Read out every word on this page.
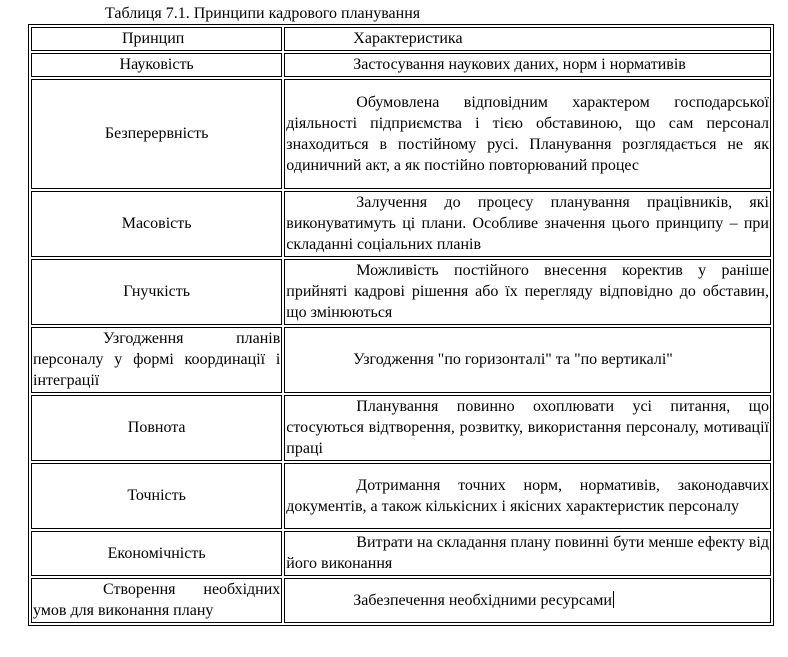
Таблиця 7.1. Принципи кадрового планування
Принцип	Характеристика
Науковість	Застосування наукових даних, норм і нормативів
Безперервність	Обумовлена відповідним характером господарської діяльності підприємства і тією обставиною, що сам персонал знаходиться в постійному русі. Планування розглядається не як одиничний акт, а як постійно повторюваний процес
Масовість	Залучення до процесу планування працівників, які виконуватимуть ці плани. Особливе значення цього принципу – при складанні соціальних планів
Гнучкість	Можливість постійного внесення коректив у раніше прийняті кадрові рішення або їх перегляду відповідно до обставин, що змінюються
Узгодження планів персоналу у формі координації і інтеграції	Узгодження "по горизонталі" та "по вертикалі"
Повнота	Планування повинно охоплювати усі питання, що стосуються відтворення, розвитку, використання персоналу, мотивації праці
Точність	Дотримання точних норм, нормативів, законодавчих документів, а також кількісних і якісних характеристик персоналу
Економічність	Витрати на складання плану повинні бути менше ефекту від його виконання
Створення необхідних умов для виконання плану	Забезпечення необхідними ресурсами
